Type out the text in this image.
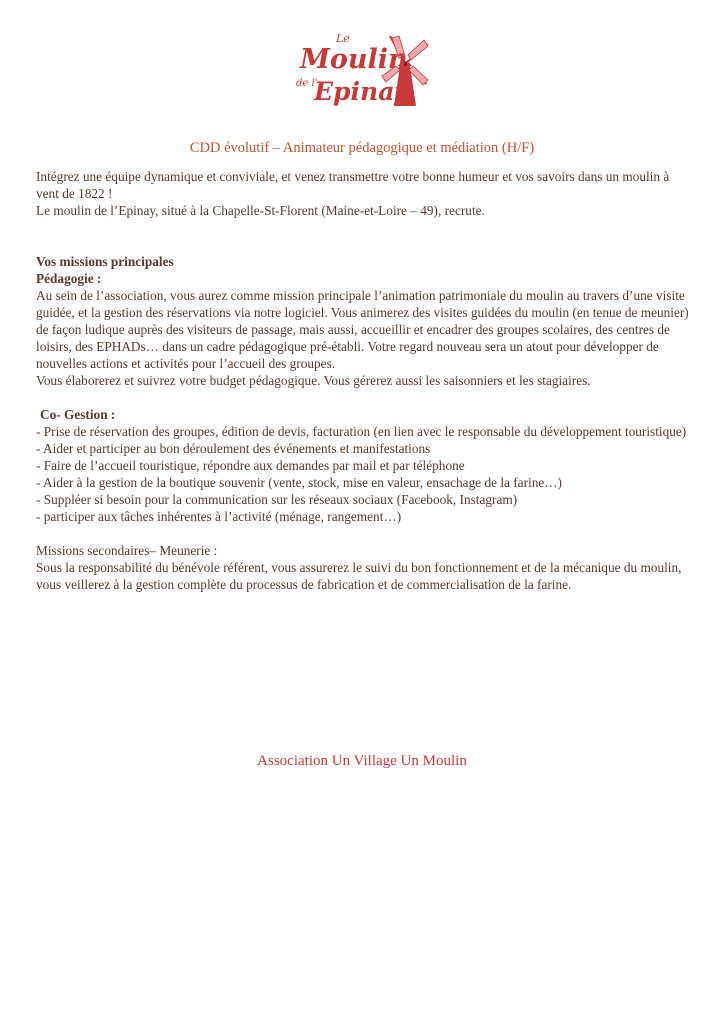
Le
Moulin
de l'
Epinay
CDD évolutif – Animateur pédagogique et médiation (H/F)

Intégrez une équipe dynamique et conviviale, et venez transmettre votre bonne humeur et vos savoirs dans un moulin à vent de 1822 !

Le moulin de l’Epinay, situé à la Chapelle-St-Florent (Maine-et-Loire – 49), recrute.

Vos missions principales

Pédagogie :

Au sein de l’association, vous aurez comme mission principale l’animation patrimoniale du moulin au travers d’une visite guidée, et la gestion des réservations via notre logiciel. Vous animerez des visites guidées du moulin (en tenue de meunier) de façon ludique auprès des visiteurs de passage, mais aussi, accueillir et encadrer des groupes scolaires, des centres de loisirs, des EPHADs… dans un cadre pédagogique pré-établi. Votre regard nouveau sera un atout pour développer de nouvelles actions et activités pour l’accueil des groupes.

Vous élaborerez et suivrez votre budget pédagogique. Vous gérerez aussi les saisonniers et les stagiaires.

Co- Gestion :

- Prise de réservation des groupes, édition de devis, facturation (en lien avec le responsable du développement touristique)

- Aider et participer au bon déroulement des événements et manifestations

- Faire de l’accueil touristique, répondre aux demandes par mail et par téléphone

- Aider à la gestion de la boutique souvenir (vente, stock, mise en valeur, ensachage de la farine…)

- Suppléer si besoin pour la communication sur les réseaux sociaux (Facebook, Instagram)

- participer aux tâches inhérentes à l’activité (ménage, rangement…)

Missions secondaires– Meunerie :

Sous la responsabilité du bénévole référent, vous assurerez le suivi du bon fonctionnement et de la mécanique du moulin, vous veillerez à la gestion complète du processus de fabrication et de commercialisation de la farine.

Association Un Village Un Moulin
